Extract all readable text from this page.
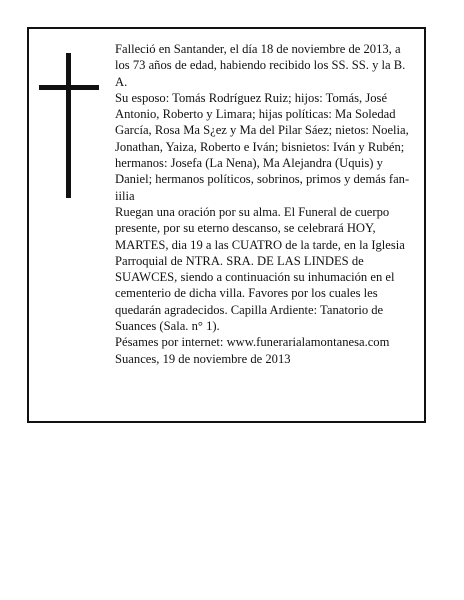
Falleció en Santander, el día 18 de noviembre de 2013, a los 73 años de edad, habiendo recibido los SS. SS. y la B. A.

Su esposo: Tomás Rodríguez Ruiz; hijos: Tomás, José Antonio, Roberto y Limara; hijas políticas: Ma Soledad García, Rosa Ma S¿ez y Ma del Pilar Sáez; nietos: Noelia, Jonathan, Yaiza, Roberto e Iván; bisnietos: Iván y Rubén; hermanos: Josefa (La Nena), Ma Alejandra (Uquis) y Daniel; hermanos políticos, sobrinos, primos y demás fan-iilia

Ruegan una oración por su alma. El Funeral de cuerpo presente, por su eterno descanso, se celebrará HOY, MARTES, dia 19 a las CUATRO de la tarde, en la Iglesia Parroquial de NTRA. SRA. DE LAS LINDES de SUAWCES, siendo a continuación su inhumación en el cementerio de dicha villa. Favores por los cuales les quedarán agradecidos. Capilla Ardiente: Tanatorio de Suances (Sala. n° 1).

Pésames por internet: www.funerarialamontanesa.com

Suances, 19 de noviembre de 2013
